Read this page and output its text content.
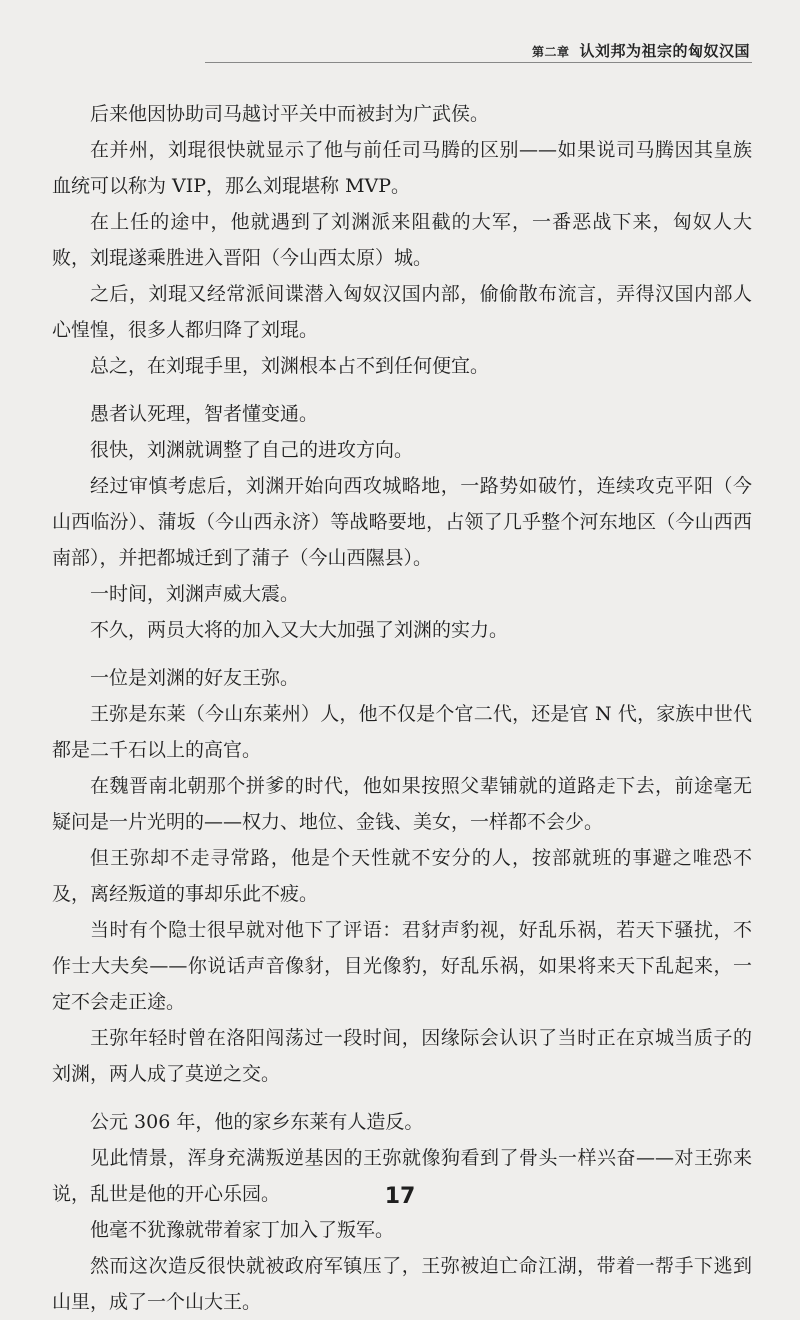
第二章 认刘邦为祖宗的匈奴汉国

后来他因协助司马越讨平关中而被封为广武侯。

在并州，刘琨很快就显示了他与前任司马腾的区别——如果说司马腾因其皇族血统可以称为 VIP，那么刘琨堪称 MVP。

在上任的途中，他就遇到了刘渊派来阻截的大军，一番恶战下来，匈奴人大败，刘琨遂乘胜进入晋阳（今山西太原）城。

之后，刘琨又经常派间谍潜入匈奴汉国内部，偷偷散布流言，弄得汉国内部人心惶惶，很多人都归降了刘琨。

总之，在刘琨手里，刘渊根本占不到任何便宜。

愚者认死理，智者懂变通。

很快，刘渊就调整了自己的进攻方向。

经过审慎考虑后，刘渊开始向西攻城略地，一路势如破竹，连续攻克平阳（今山西临汾）、蒲坂（今山西永济）等战略要地，占领了几乎整个河东地区（今山西西南部），并把都城迁到了蒲子（今山西隰县）。

一时间，刘渊声威大震。

不久，两员大将的加入又大大加强了刘渊的实力。

一位是刘渊的好友王弥。

王弥是东莱（今山东莱州）人，他不仅是个官二代，还是官 N 代，家族中世代都是二千石以上的高官。

在魏晋南北朝那个拼爹的时代，他如果按照父辈铺就的道路走下去，前途毫无疑问是一片光明的——权力、地位、金钱、美女，一样都不会少。

但王弥却不走寻常路，他是个天性就不安分的人，按部就班的事避之唯恐不及，离经叛道的事却乐此不疲。

当时有个隐士很早就对他下了评语：君豺声豹视，好乱乐祸，若天下骚扰，不作士大夫矣——你说话声音像豺，目光像豹，好乱乐祸，如果将来天下乱起来，一定不会走正途。

王弥年轻时曾在洛阳闯荡过一段时间，因缘际会认识了当时正在京城当质子的刘渊，两人成了莫逆之交。

公元 306 年，他的家乡东莱有人造反。

见此情景，浑身充满叛逆基因的王弥就像狗看到了骨头一样兴奋——对王弥来说，乱世是他的开心乐园。

他毫不犹豫就带着家丁加入了叛军。

然而这次造反很快就被政府军镇压了，王弥被迫亡命江湖，带着一帮手下逃到山里，成了一个山大王。

17
